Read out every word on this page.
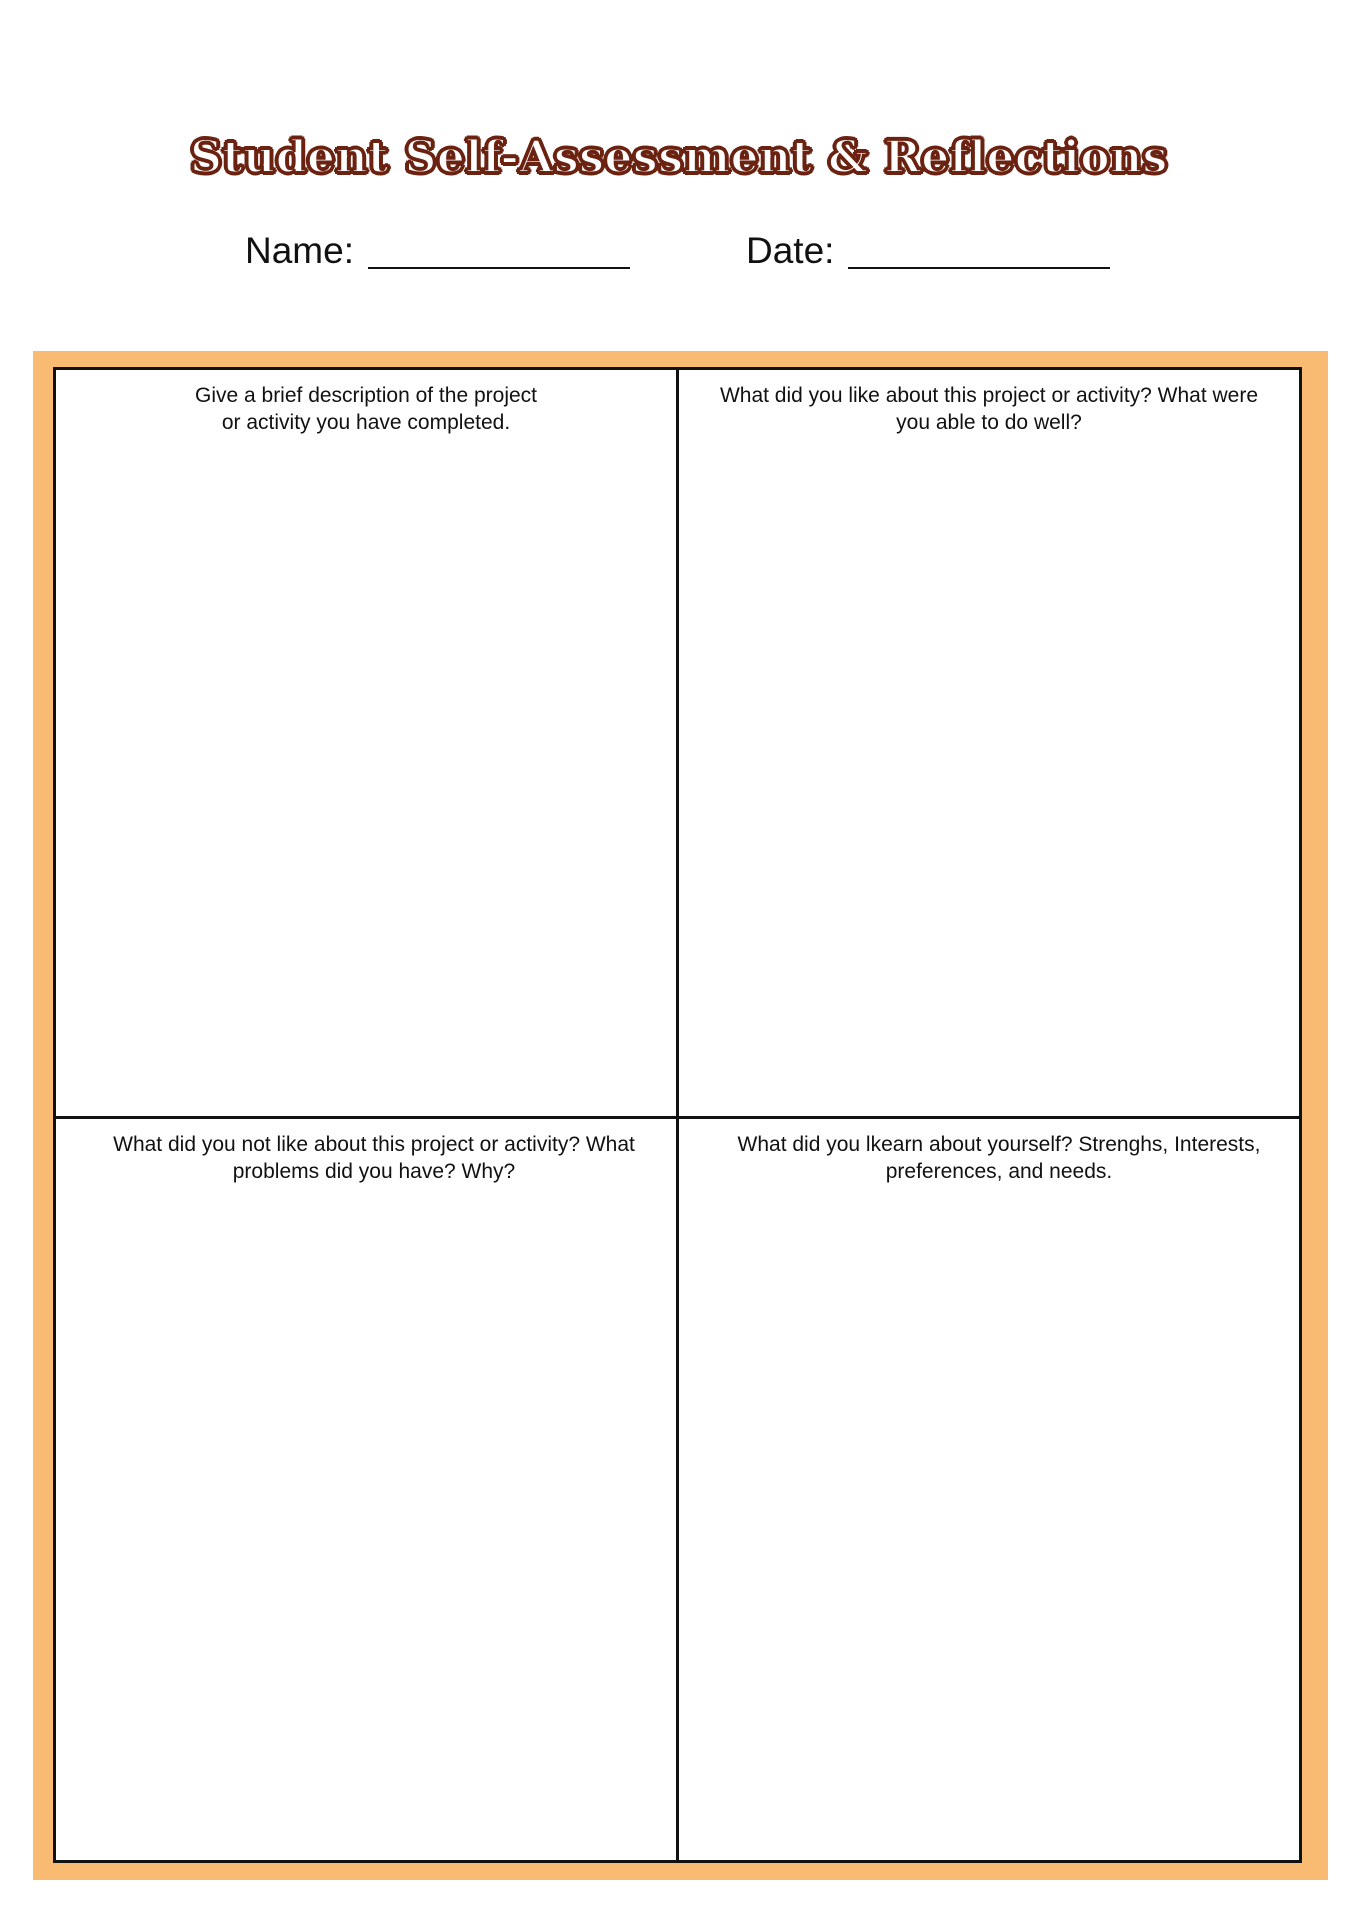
Student Self-Assessment & Reflections
Name:	Date:
Give a brief description of the project
or activity you have completed.
What did you like about this project or activity? What were
you able to do well?
What did you not like about this project or activity? What
problems did you have? Why?
What did you lkearn about yourself? Strenghs, Interests,
preferences, and needs.
